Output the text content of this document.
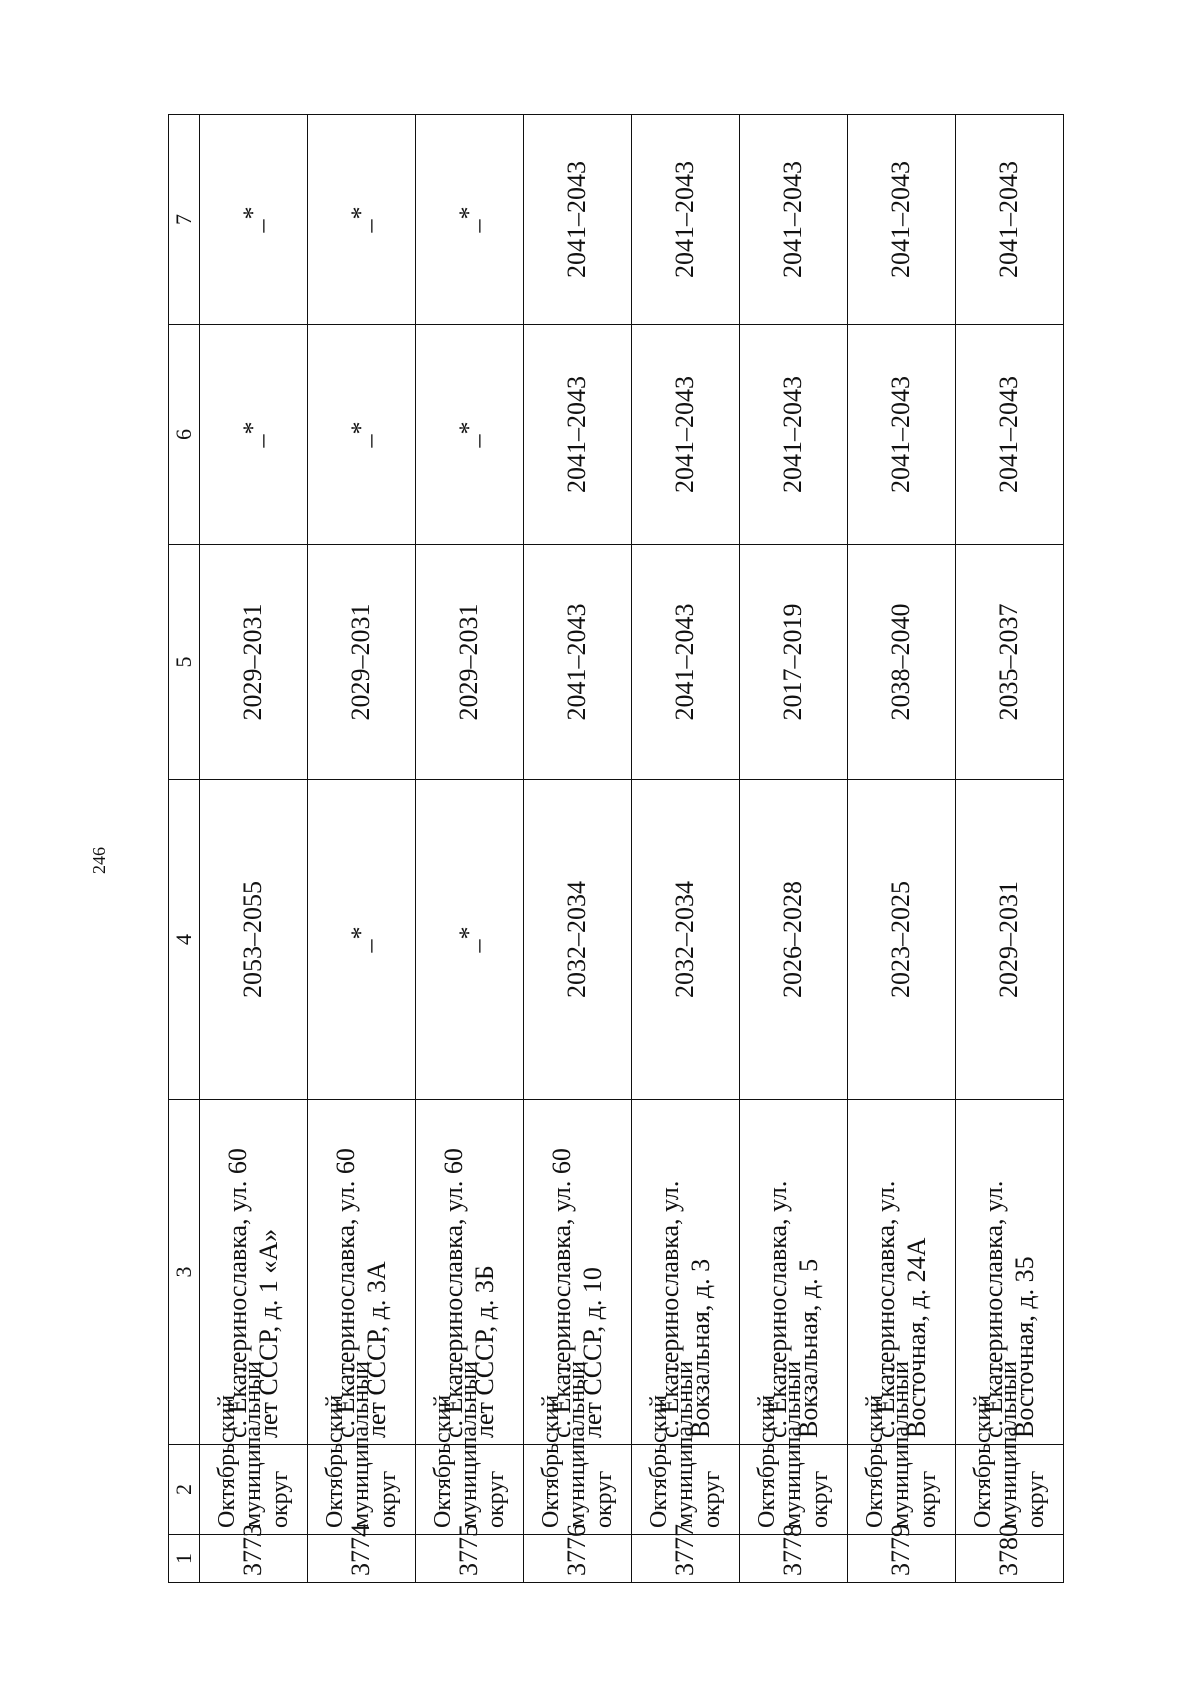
246
1	2	3	4	5	6	7
3773	Октябрьский муниципальный округ	с. Екатеринославка, ул. 60 лет СССР, д. 1 «А»	2053–2055	2029–2031	_*	_*
3774	Октябрьский муниципальный округ	с. Екатеринославка, ул. 60 лет СССР, д. 3А	_*	2029–2031	_*	_*
3775	Октябрьский муниципальный округ	с. Екатеринославка, ул. 60 лет СССР, д. 3Б	_*	2029–2031	_*	_*
3776	Октябрьский муниципальный округ	с. Екатеринославка, ул. 60 лет СССР, д. 10	2032–2034	2041–2043	2041–2043	2041–2043
3777	Октябрьский муниципальный округ	с. Екатеринославка, ул. Вокзальная, д. 3	2032–2034	2041–2043	2041–2043	2041–2043
3778	Октябрьский муниципальный округ	с. Екатеринославка, ул. Вокзальная, д. 5	2026–2028	2017–2019	2041–2043	2041–2043
3779	Октябрьский муниципальный округ	с. Екатеринославка, ул. Восточная, д. 24А	2023–2025	2038–2040	2041–2043	2041–2043
3780	Октябрьский муниципальный округ	с. Екатеринославка, ул. Восточная, д. 35	2029–2031	2035–2037	2041–2043	2041–2043
